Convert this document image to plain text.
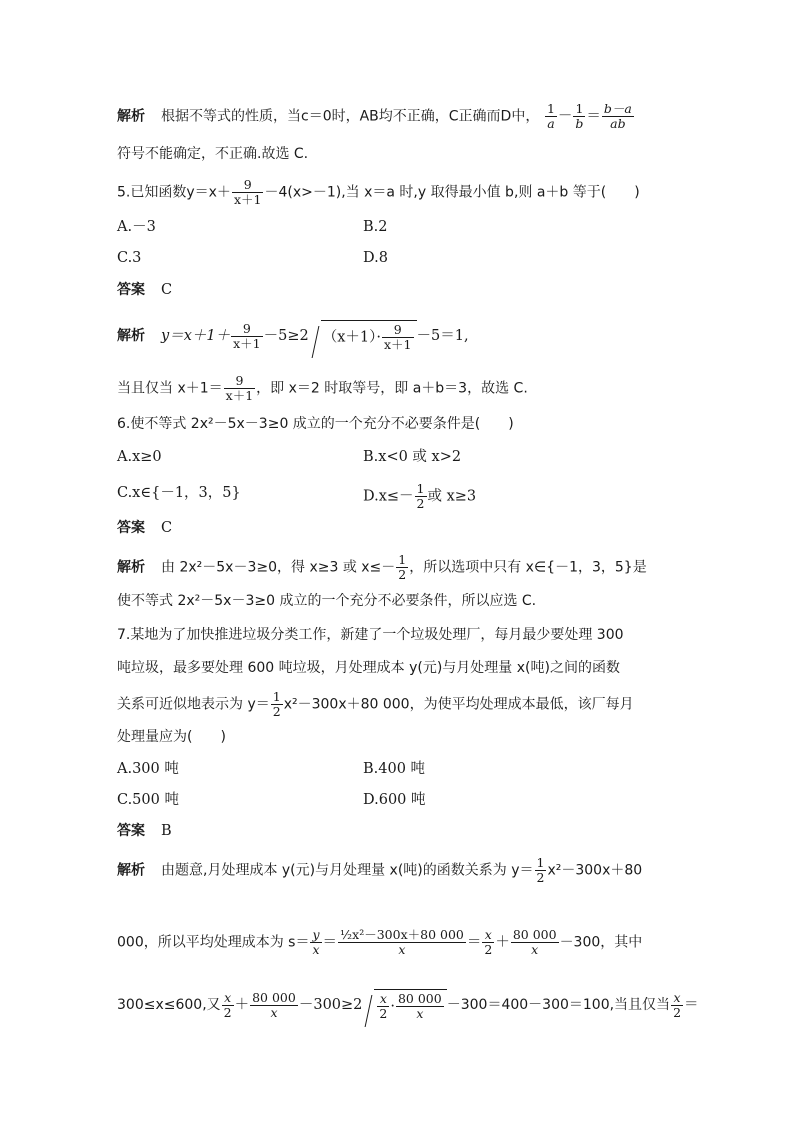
解析 根据不等式的性质，当c＝0时，AB均不正确，C正确而D中， $\frac{1}{a} - \frac{1}{b} = \frac{b-a}{ab}$
符号不能确定，不正确.故选 C.
5.已知函数$y=x+ \frac{9}{x+1} -4(x>-1)$,当 x＝a 时,y 取得最小值 b,则 a＋b 等于(　　)
A.－3	B.2
C.3	D.8
答案 C
解析 $y=x+1+ \frac{9}{x+1} -5\ge 2$ $(x+1)\cdot \frac{9}{x+1} -5=1$,
当且仅当 $x+1= \frac{9}{x+1}$ ，即 x＝2 时取等号，即 a＋b＝3，故选 C.
6.使不等式 2x²－5x－3≥0 成立的一个充分不必要条件是(　　)
A.x≥0	B.x<0 或 x>2
C.x∈{－1，3，5}	$D.x\le- \frac{1}{2}$ 或 x≥3
答案 C
解析 由 2x²－5x－3≥0，得 x≥3 或 $x\le- \frac{1}{2}$ ，所以选项中只有 x∈{－1，3，5}是
使不等式 2x²－5x－3≥0 成立的一个充分不必要条件，所以应选 C.
7.某地为了加快推进垃圾分类工作，新建了一个垃圾处理厂，每月最少要处理 300
吨垃圾，最多要处理 600 吨垃圾，月处理成本 y(元)与月处理量 x(吨)之间的函数
关系可近似地表示为 $y= \frac{1}{2} x^2-300x+80$ 000，为使平均处理成本最低，该厂每月
处理量应为(　　)
A.300 吨	B.400 吨
C.500 吨	D.600 吨
答案 B
解析 由题意,月处理成本 y(元)与月处理量 x(吨)的函数关系为 $y= \frac{1}{2} x^2-300x+80$
000，所以平均处理成本为 $s= \frac{y}{x} = \frac{\text{½x²－300x＋80 000}}{x} = \frac{x}{2} + \frac{80 000}{x} -300$，其中
300≤x≤600,又 $\frac{x}{2} + \frac{80 000}{x} -300\ge 2 \frac{x}{2} \cdot \frac{80 000}{x} -300=400-300=100$,当且仅当 $\frac{x}{2}$ ＝
